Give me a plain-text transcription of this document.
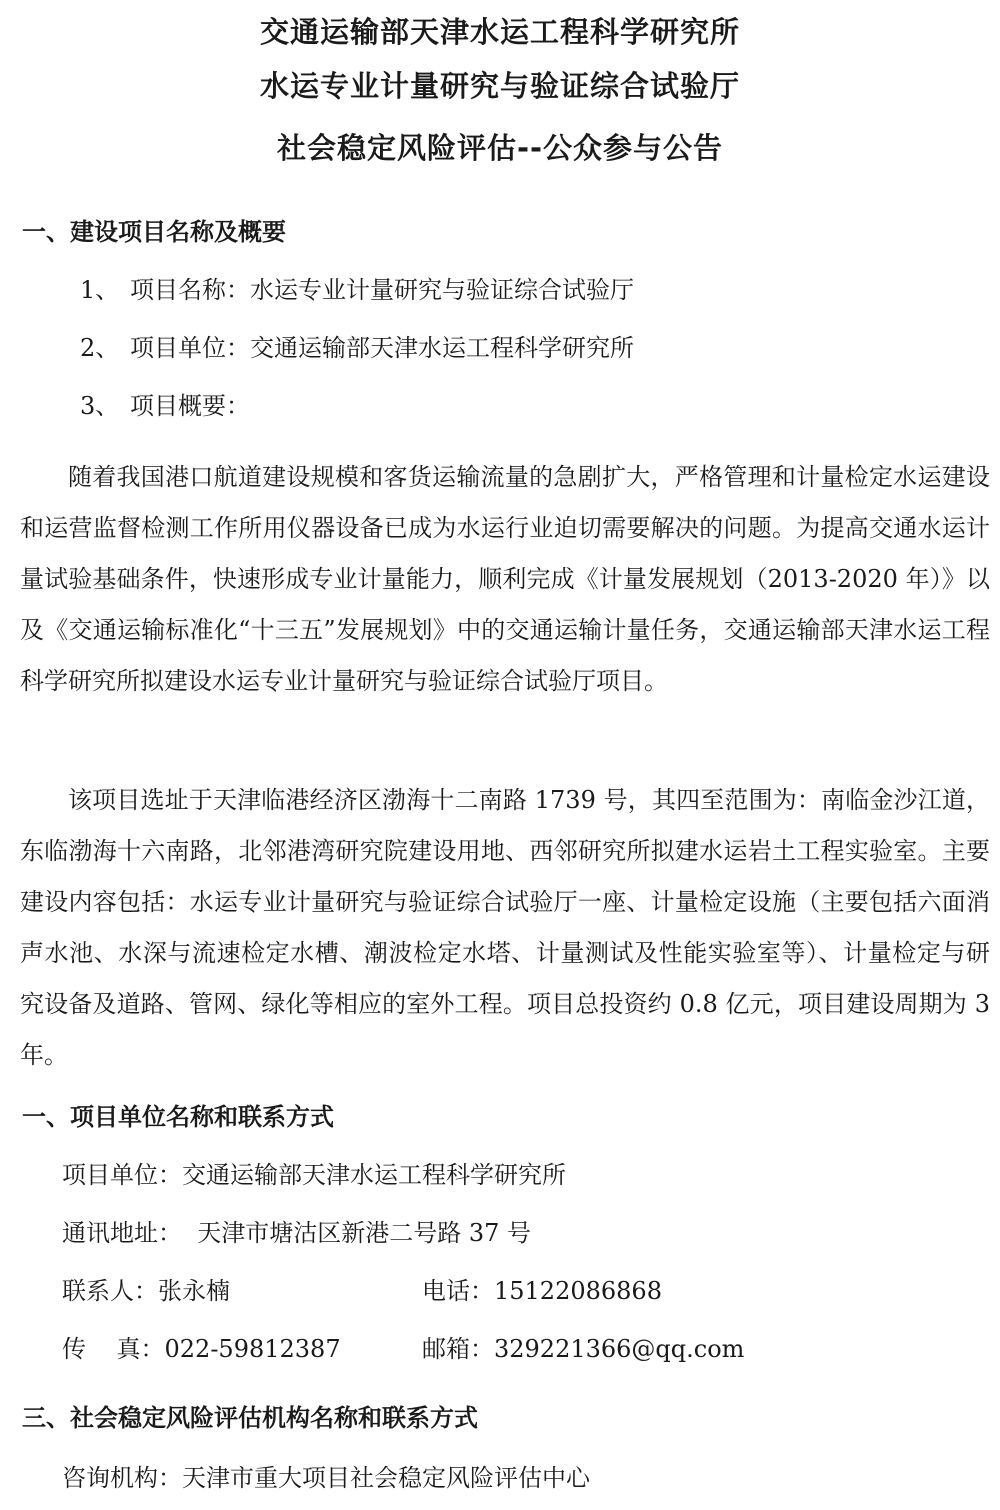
交通运输部天津水运工程科学研究所
水运专业计量研究与验证综合试验厅
社会稳定风险评估--公众参与公告
一、建设项目名称及概要
1、 项目名称：水运专业计量研究与验证综合试验厅
2、 项目单位：交通运输部天津水运工程科学研究所
3、 项目概要：

随着我国港口航道建设规模和客货运输流量的急剧扩大，严格管理和计量检定水运建设和运营监督检测工作所用仪器设备已成为水运行业迫切需要解决的问题。为提高交通水运计量试验基础条件，快速形成专业计量能力，顺利完成《计量发展规划（2013-2020 年）》以及《交通运输标准化“十三五”发展规划》中的交通运输计量任务，交通运输部天津水运工程科学研究所拟建设水运专业计量研究与验证综合试验厅项目。

该项目选址于天津临港经济区渤海十二南路 1739 号，其四至范围为：南临金沙江道，东临渤海十六南路，北邻港湾研究院建设用地、西邻研究所拟建水运岩土工程实验室。主要建设内容包括：水运专业计量研究与验证综合试验厅一座、计量检定设施（主要包括六面消声水池、水深与流速检定水槽、潮波检定水塔、计量测试及性能实验室等）、计量检定与研究设备及道路、管网、绿化等相应的室外工程。项目总投资约 0.8 亿元，项目建设周期为 3 年。

一、项目单位名称和联系方式
项目单位：交通运输部天津水运工程科学研究所
通讯地址：  天津市塘沽区新港二号路 37 号
联系人：张永楠	电话：15122086868
传    真：022-59812387	邮箱：329221366@qq.com
三、社会稳定风险评估机构名称和联系方式
咨询机构：天津市重大项目社会稳定风险评估中心
